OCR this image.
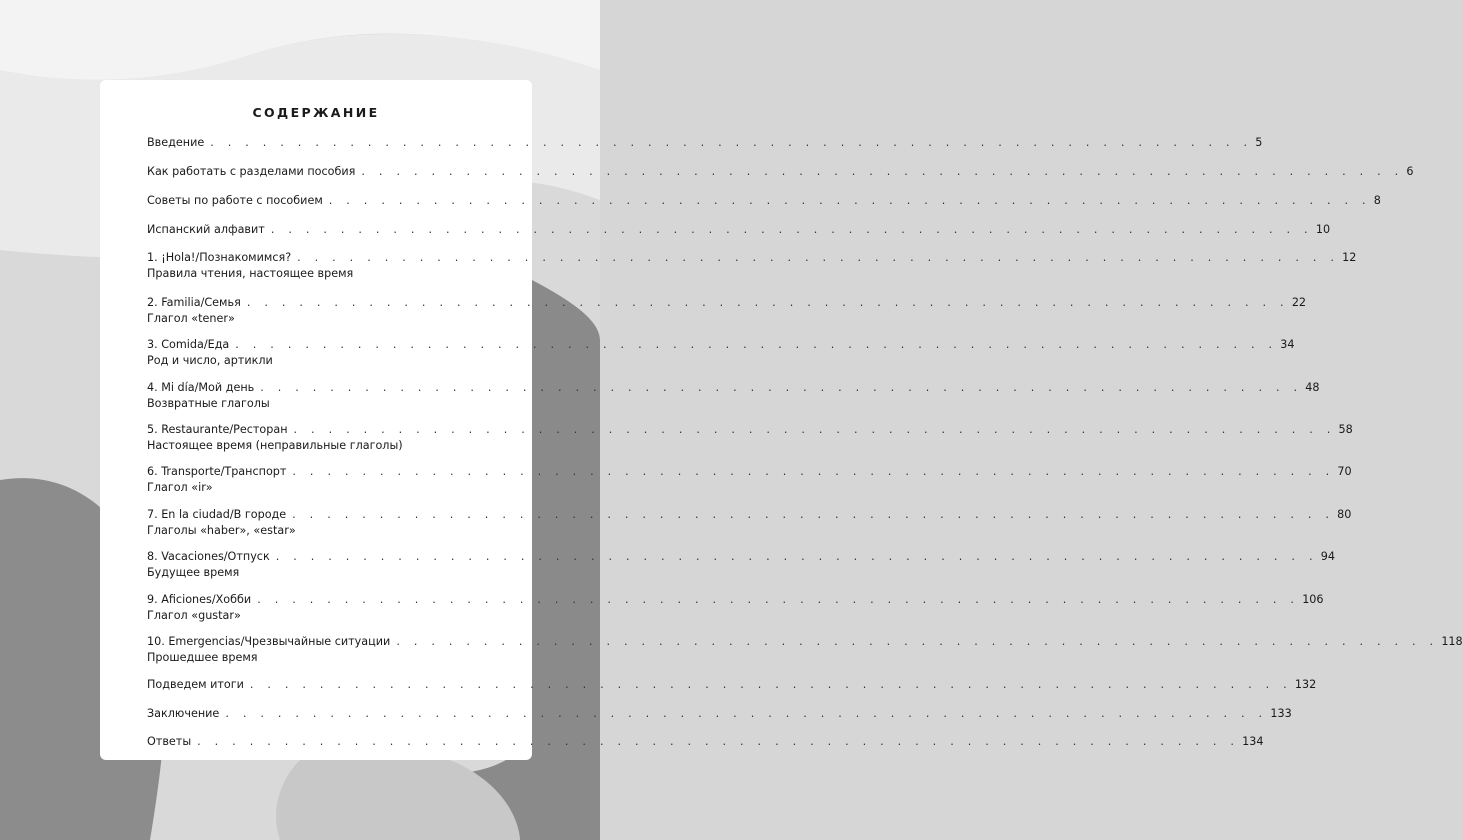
СОДЕРЖАНИЕ
Введение . . . . . . . . . . . . . . . . . . . . . . . . . . . . . . . . . . . . . . . . . . . . . . . . . . . . . . . . . . . . 5
Как работать с разделами пособия . . . . . . . . . . . . . . . . . . . . . . . . . . . . . . . . . . . . . . . . . . . . . . . . . . . . . . . . . . . . 6
Советы по работе с пособием . . . . . . . . . . . . . . . . . . . . . . . . . . . . . . . . . . . . . . . . . . . . . . . . . . . . . . . . . . . . 8
Испанский алфавит . . . . . . . . . . . . . . . . . . . . . . . . . . . . . . . . . . . . . . . . . . . . . . . . . . . . . . . . . . . . 10
1. ¡Hola!/Познакомимся? . . . . . . . . . . . . . . . . . . . . . . . . . . . . . . . . . . . . . . . . . . . . . . . . . . . . . . . . . . . . 12
Правила чтения, настоящее время
2. Familia/Семья . . . . . . . . . . . . . . . . . . . . . . . . . . . . . . . . . . . . . . . . . . . . . . . . . . . . . . . . . . . . 22
Глагол «tener»
3. Comida/Еда . . . . . . . . . . . . . . . . . . . . . . . . . . . . . . . . . . . . . . . . . . . . . . . . . . . . . . . . . . . . 34
Род и число, артикли
4. Mi día/Мой день . . . . . . . . . . . . . . . . . . . . . . . . . . . . . . . . . . . . . . . . . . . . . . . . . . . . . . . . . . . . 48
Возвратные глаголы
5. Restaurante/Ресторан . . . . . . . . . . . . . . . . . . . . . . . . . . . . . . . . . . . . . . . . . . . . . . . . . . . . . . . . . . . . 58
Настоящее время (неправильные глаголы)
6. Transporte/Транспорт . . . . . . . . . . . . . . . . . . . . . . . . . . . . . . . . . . . . . . . . . . . . . . . . . . . . . . . . . . . . 70
Глагол «ir»
7. En la ciudad/В городе . . . . . . . . . . . . . . . . . . . . . . . . . . . . . . . . . . . . . . . . . . . . . . . . . . . . . . . . . . . . 80
Глаголы «haber», «estar»
8. Vacaciones/Отпуск . . . . . . . . . . . . . . . . . . . . . . . . . . . . . . . . . . . . . . . . . . . . . . . . . . . . . . . . . . . . 94
Будущее время
9. Aficiones/Хобби . . . . . . . . . . . . . . . . . . . . . . . . . . . . . . . . . . . . . . . . . . . . . . . . . . . . . . . . . . . . 106
Глагол «gustar»
10. Emergencias/Чрезвычайные ситуации . . . . . . . . . . . . . . . . . . . . . . . . . . . . . . . . . . . . . . . . . . . . . . . . . . . . . . . . . . . . 118
Прошедшее время
Подведем итоги . . . . . . . . . . . . . . . . . . . . . . . . . . . . . . . . . . . . . . . . . . . . . . . . . . . . . . . . . . . . 132
Заключение . . . . . . . . . . . . . . . . . . . . . . . . . . . . . . . . . . . . . . . . . . . . . . . . . . . . . . . . . . . . 133
Ответы . . . . . . . . . . . . . . . . . . . . . . . . . . . . . . . . . . . . . . . . . . . . . . . . . . . . . . . . . . . . 134
